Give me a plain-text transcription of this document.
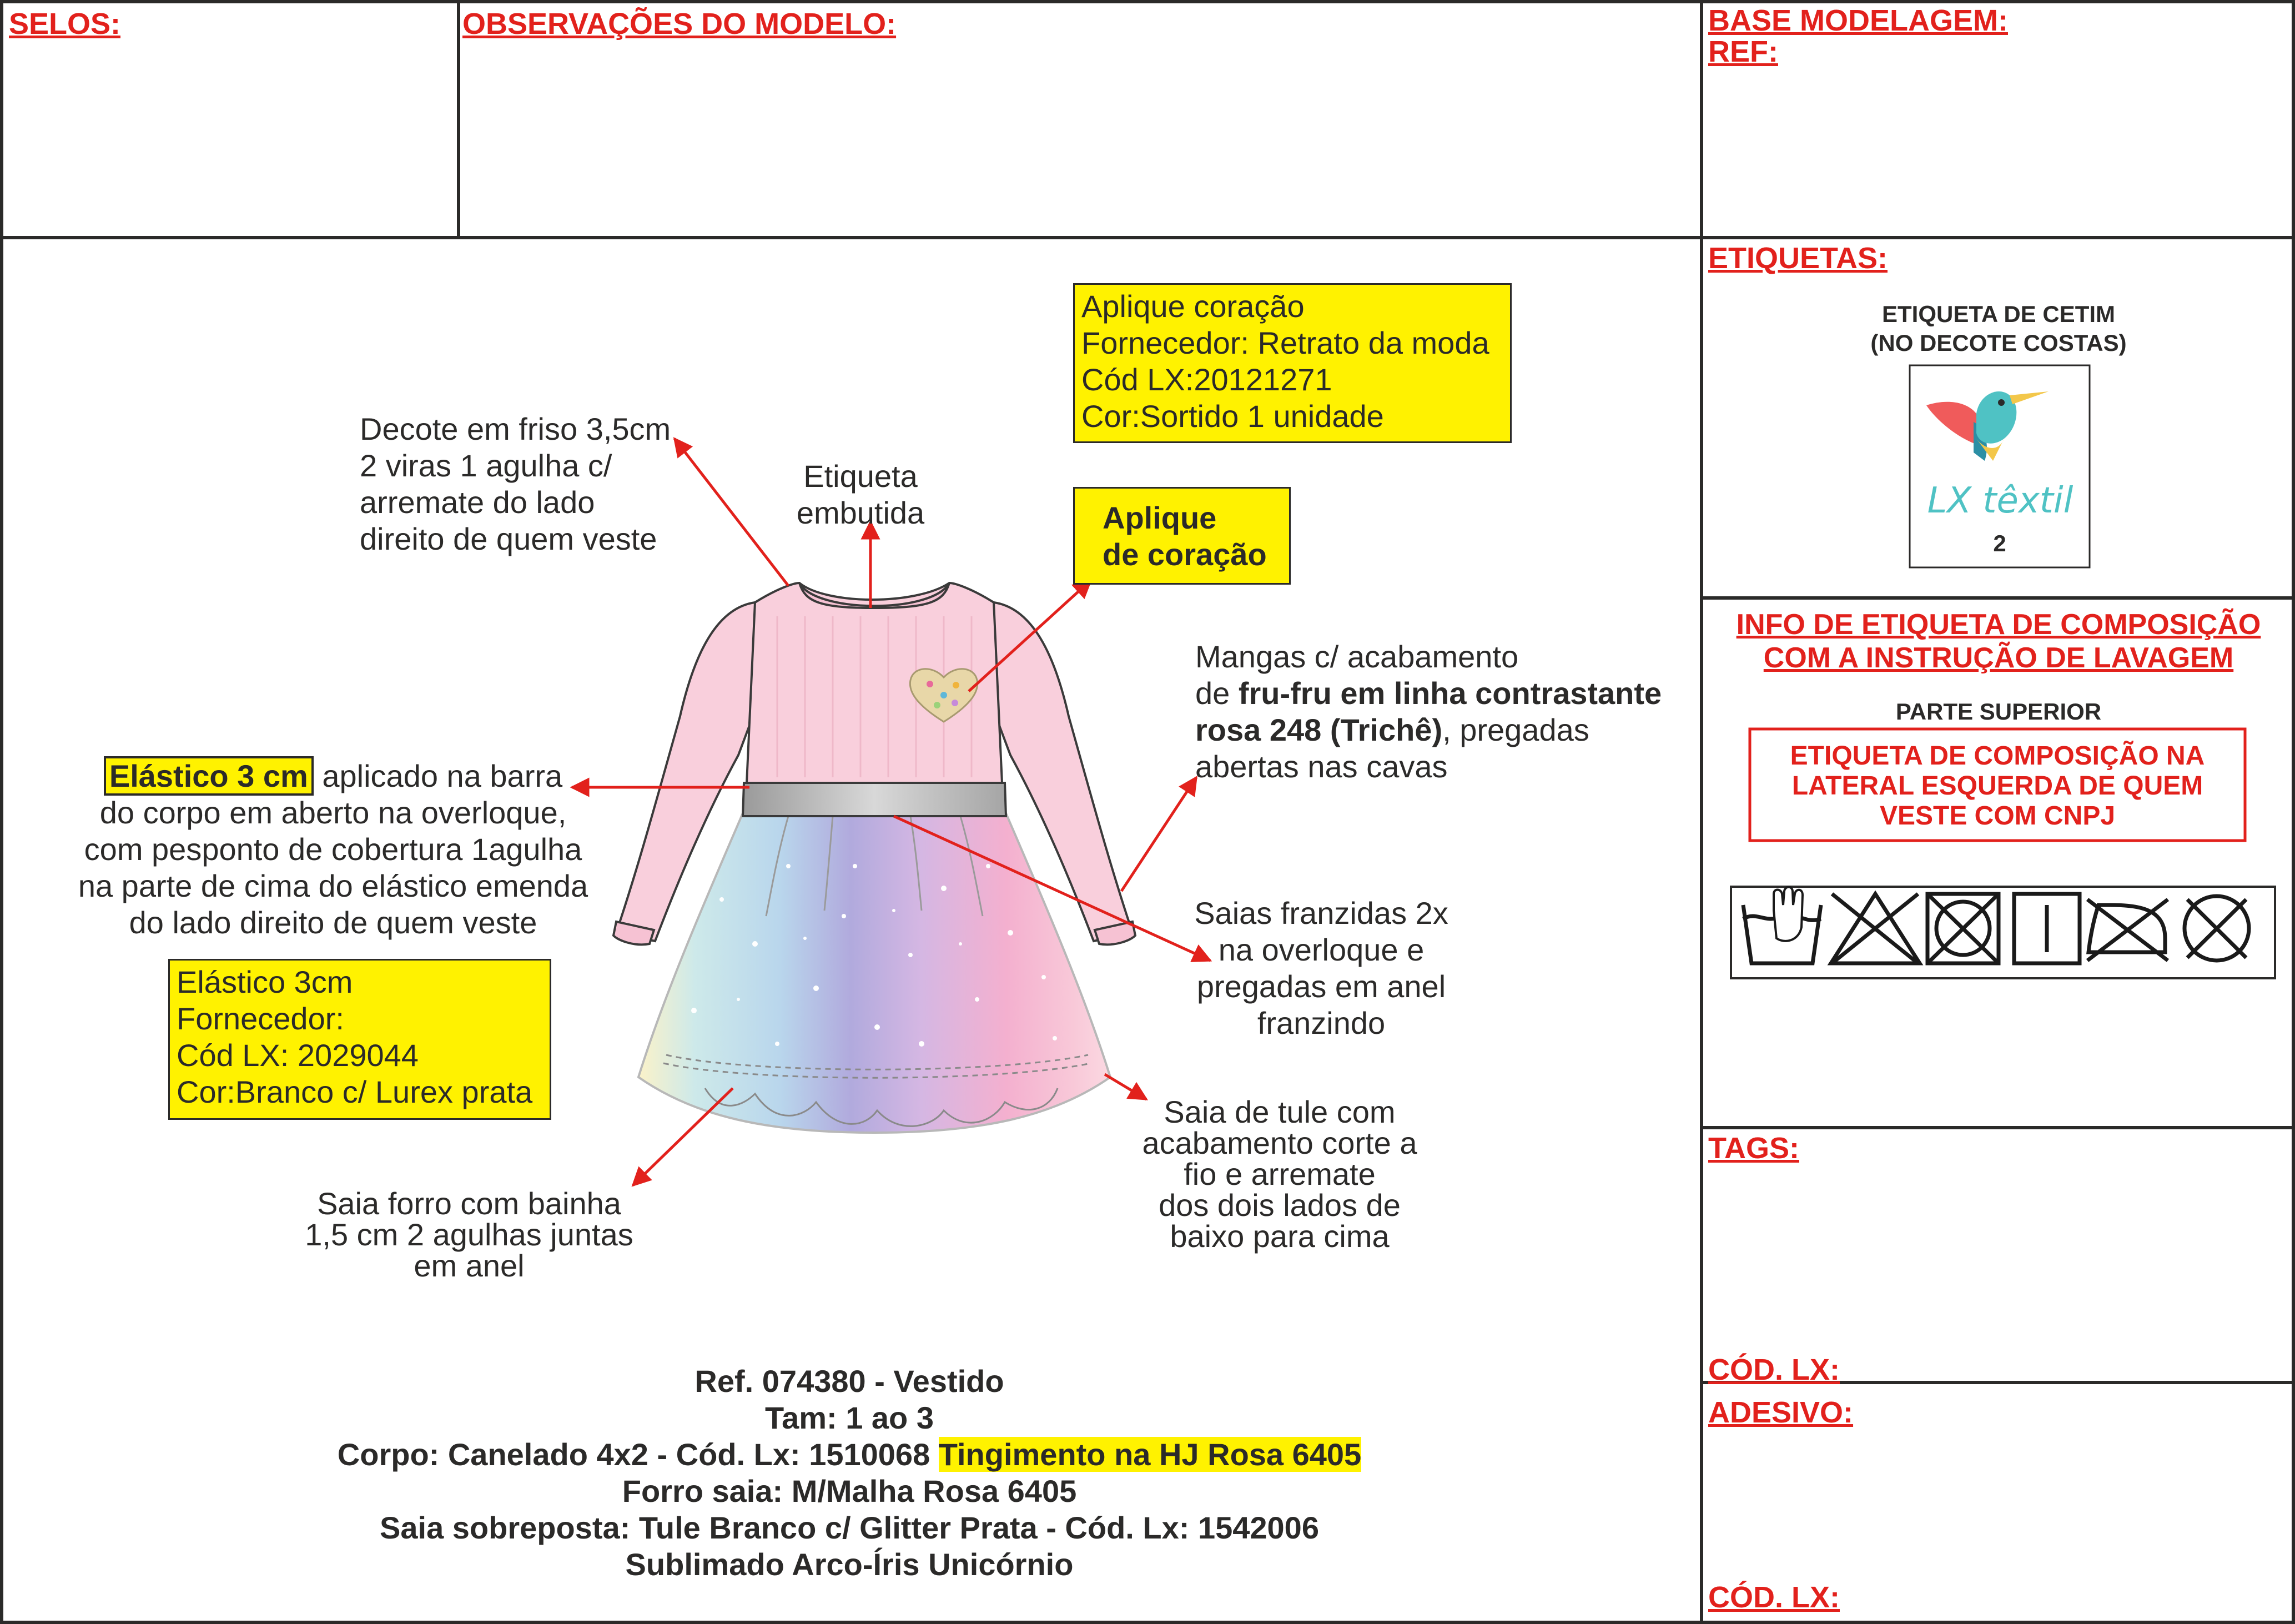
SELOS:	OBSERVAÇÕES DO MODELO:	BASE MODELAGEM:
REF:
ETIQUETAS:
ETIQUETA DE CETIM
(NO DECOTE COSTAS)
LX têxtil
2
INFO DE ETIQUETA DE COMPOSIÇÃO
COM A INSTRUÇÃO DE LAVAGEM
PARTE SUPERIOR
ETIQUETA DE COMPOSIÇÃO NA
LATERAL ESQUERDA DE QUEM
VESTE COM CNPJ
TAGS:
CÓD. LX:
ADESIVO:
CÓD. LX:
Decote em friso 3,5cm
2 viras 1 agulha c/
arremate do lado
direito de quem veste
Etiqueta
embutida
Aplique coração
Fornecedor: Retrato da moda
Cód LX:20121271
Cor:Sortido 1 unidade
Aplique
de coração
Mangas c/ acabamento
de fru-fru em linha contrastante
rosa 248 (Trichê), pregadas
abertas nas cavas
Elástico 3 cm aplicado na barra
do corpo em aberto na overloque,
com pesponto de cobertura 1agulha
na parte de cima do elástico emenda
do lado direito de quem veste
Elástico 3cm
Fornecedor:
Cód LX: 2029044
Cor:Branco c/ Lurex prata
Saias franzidas 2x
na overloque e
pregadas em anel
franzindo
Saia de tule com
acabamento corte a
fio e arremate
dos dois lados de
baixo para cima
Saia forro com bainha
1,5 cm 2 agulhas juntas
em anel
Ref. 074380 - Vestido
Tam: 1 ao 3
Corpo: Canelado 4x2 - Cód. Lx: 1510068 Tingimento na HJ Rosa 6405
Forro saia: M/Malha Rosa 6405
Saia sobreposta: Tule Branco c/ Glitter Prata - Cód. Lx: 1542006
Sublimado Arco-Íris Unicórnio
